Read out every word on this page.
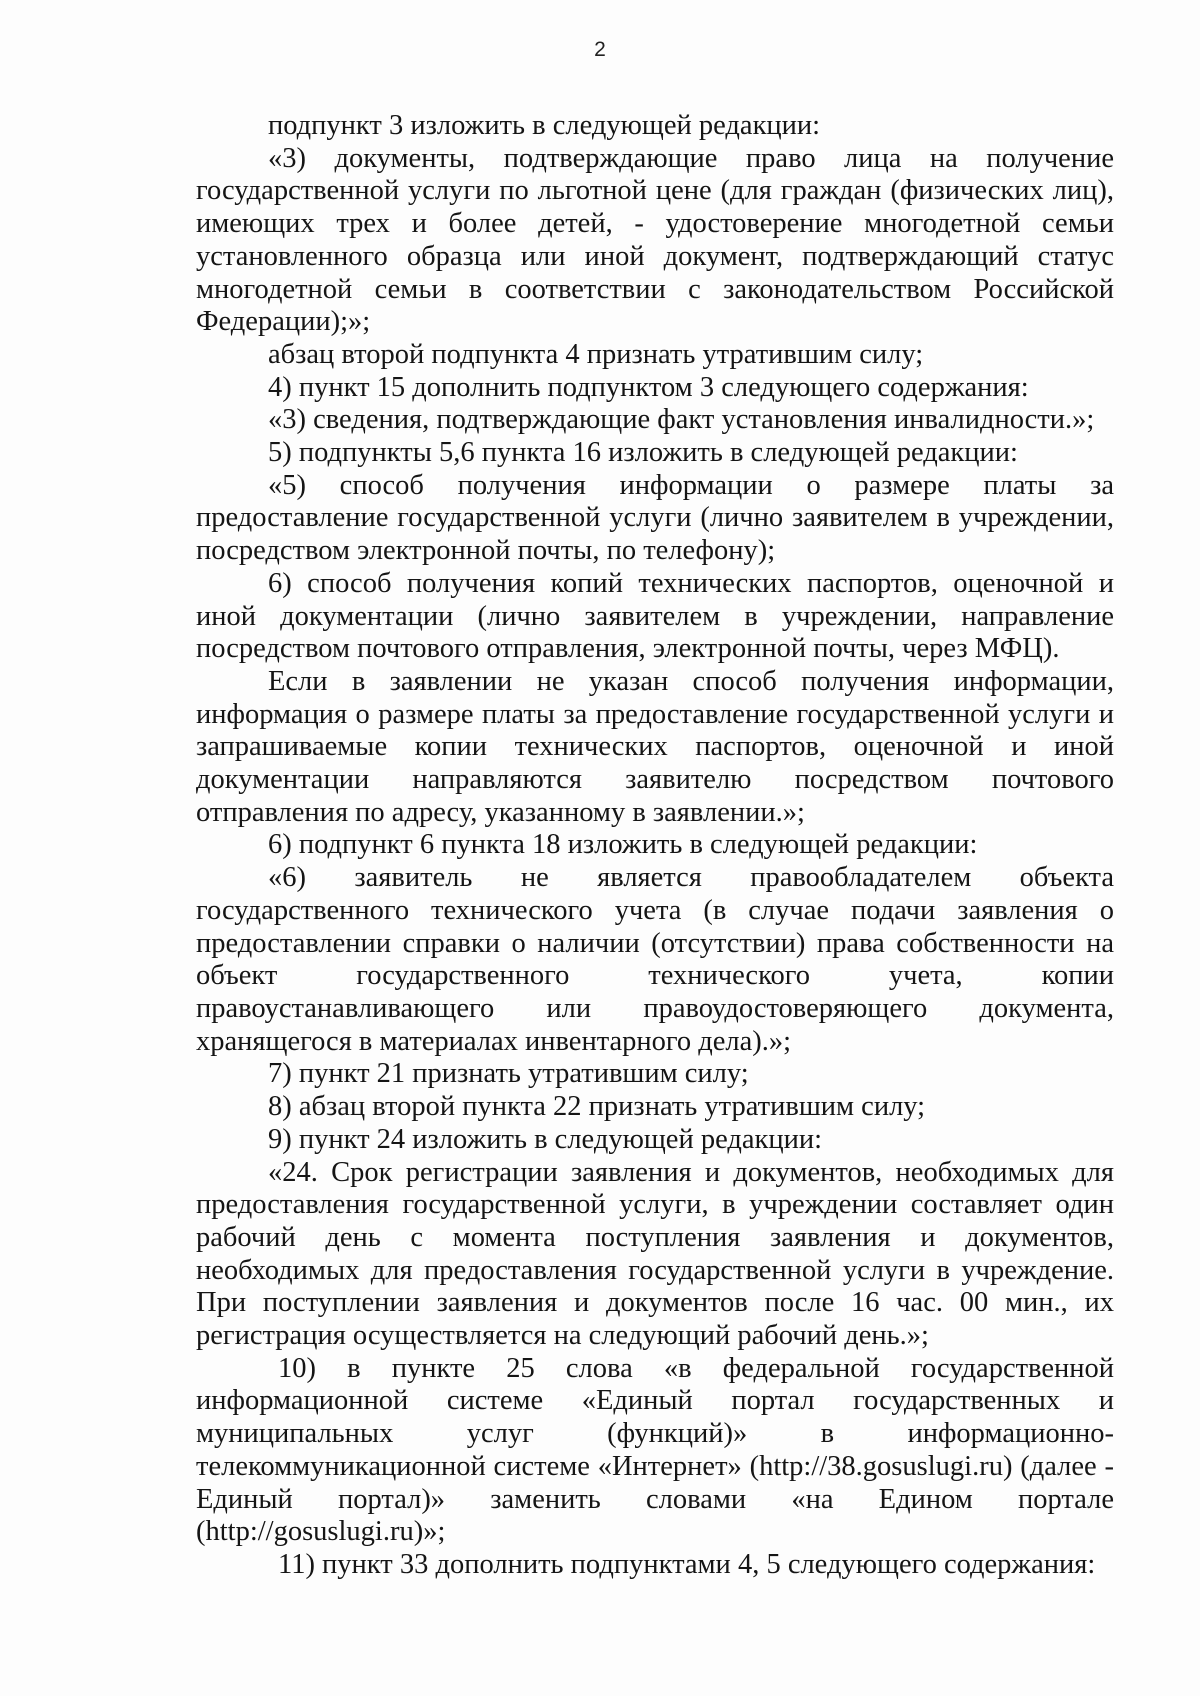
2

подпункт 3 изложить в следующей редакции:

«3) документы, подтверждающие право лица на получение государственной услуги по льготной цене (для граждан (физических лиц), имеющих трех и более детей, - удостоверение многодетной семьи установленного образца или иной документ, подтверждающий статус многодетной семьи в соответствии с законодательством Российской Федерации);»;

абзац второй подпункта 4 признать утратившим силу;

4) пункт 15 дополнить подпунктом 3 следующего содержания:

«3) сведения, подтверждающие факт установления инвалидности.»;

5) подпункты 5,6 пункта 16 изложить в следующей редакции:

«5) способ получения информации о размере платы за предоставление государственной услуги (лично заявителем в учреждении, посредством электронной почты, по телефону);

6) способ получения копий технических паспортов, оценочной и иной документации (лично заявителем в учреждении, направление посредством почтового отправления, электронной почты, через МФЦ).

Если в заявлении не указан способ получения информации, информация о размере платы за предоставление государственной услуги и запрашиваемые копии технических паспортов, оценочной и иной документации направляются заявителю посредством почтового отправления по адресу, указанному в заявлении.»;

6) подпункт 6 пункта 18 изложить в следующей редакции:

«6) заявитель не является правообладателем объекта государственного технического учета (в случае подачи заявления о предоставлении справки о наличии (отсутствии) права собственности на объект государственного технического учета, копии правоустанавливающего или правоудостоверяющего документа, хранящегося в материалах инвентарного дела).»;

7) пункт 21 признать утратившим силу;

8) абзац второй пункта 22 признать утратившим силу;

9) пункт 24 изложить в следующей редакции:

«24. Срок регистрации заявления и документов, необходимых для предоставления государственной услуги, в учреждении составляет один рабочий день с момента поступления заявления и документов, необходимых для предоставления государственной услуги в учреждение. При поступлении заявления и документов после 16 час. 00 мин., их регистрация осуществляется на следующий рабочий день.»;

10) в пункте 25 слова «в федеральной государственной информационной системе «Единый портал государственных и муниципальных услуг (функций)» в информационно-телекоммуникационной системе «Интернет» (http://38.gosuslugi.ru) (далее - Единый портал)» заменить словами «на Едином портале (http://gosuslugi.ru)»;

11) пункт 33 дополнить подпунктами 4, 5 следующего содержания:
